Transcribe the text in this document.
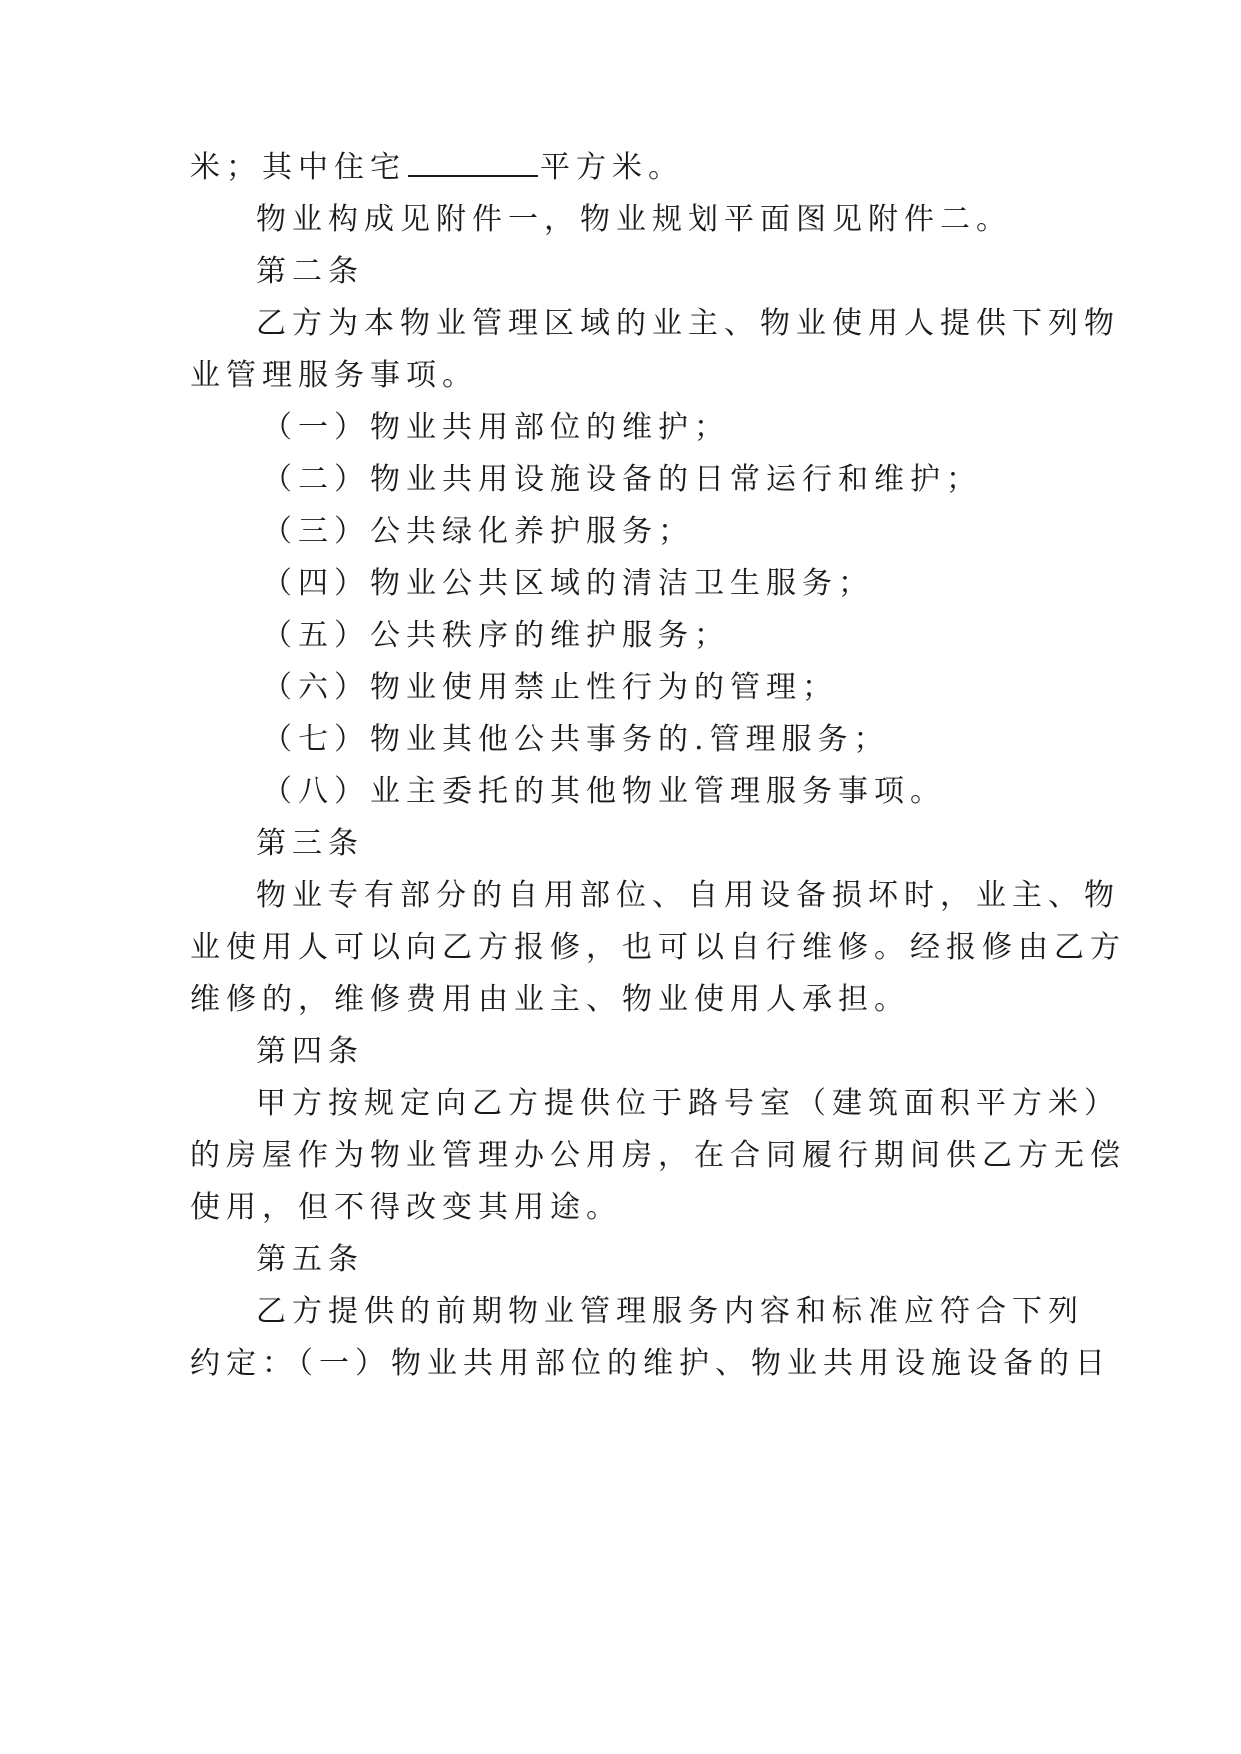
米；其中住宅	平方米。
物业构成见附件一，物业规划平面图见附件二。
第二条
乙方为本物业管理区域的业主、物业使用人提供下列物
业管理服务事项。
（一）物业共用部位的维护；
（二）物业共用设施设备的日常运行和维护；
（三）公共绿化养护服务；
（四）物业公共区域的清洁卫生服务；
（五）公共秩序的维护服务；
（六）物业使用禁止性行为的管理；
（七）物业其他公共事务的.管理服务；
（八）业主委托的其他物业管理服务事项。
第三条
物业专有部分的自用部位、自用设备损坏时，业主、物
业使用人可以向乙方报修，也可以自行维修。经报修由乙方
维修的，维修费用由业主、物业使用人承担。
第四条
甲方按规定向乙方提供位于路号室（建筑面积平方米）
的房屋作为物业管理办公用房，在合同履行期间供乙方无偿
使用，但不得改变其用途。
第五条
乙方提供的前期物业管理服务内容和标准应符合下列
约定：（一）物业共用部位的维护、物业共用设施设备的日
